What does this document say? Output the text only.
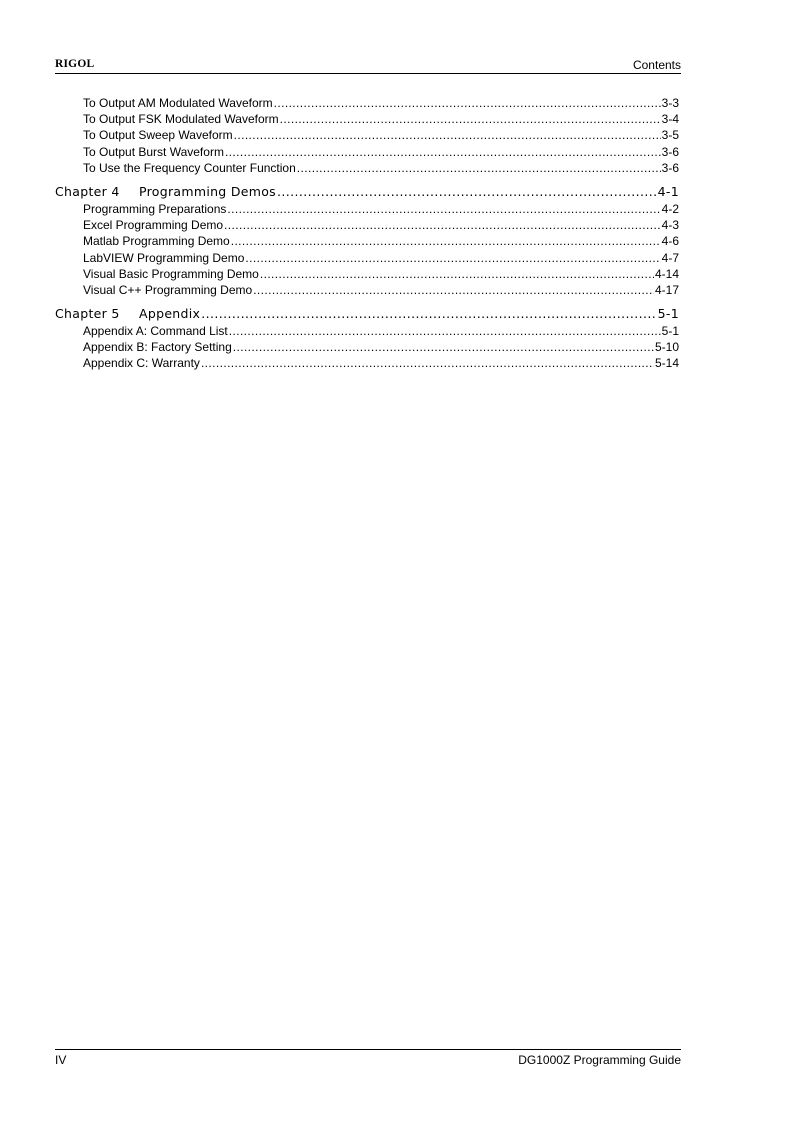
RIGOL	Contents
To Output AM Modulated Waveform .....	3-3
To Output FSK Modulated Waveform .....	3-4
To Output Sweep Waveform .....	3-5
To Output Burst Waveform .....	3-6
To Use the Frequency Counter Function .....	3-6
Chapter 4 Programming Demos .....	4-1
Programming Preparations .....	4-2
Excel Programming Demo .....	4-3
Matlab Programming Demo .....	4-6
LabVIEW Programming Demo .....	4-7
Visual Basic Programming Demo .....	4-14
Visual C++ Programming Demo .....	4-17
Chapter 5 Appendix .....	5-1
Appendix A: Command List .....	5-1
Appendix B: Factory Setting .....	5-10
Appendix C: Warranty .....	5-14
IV	DG1000Z Programming Guide
